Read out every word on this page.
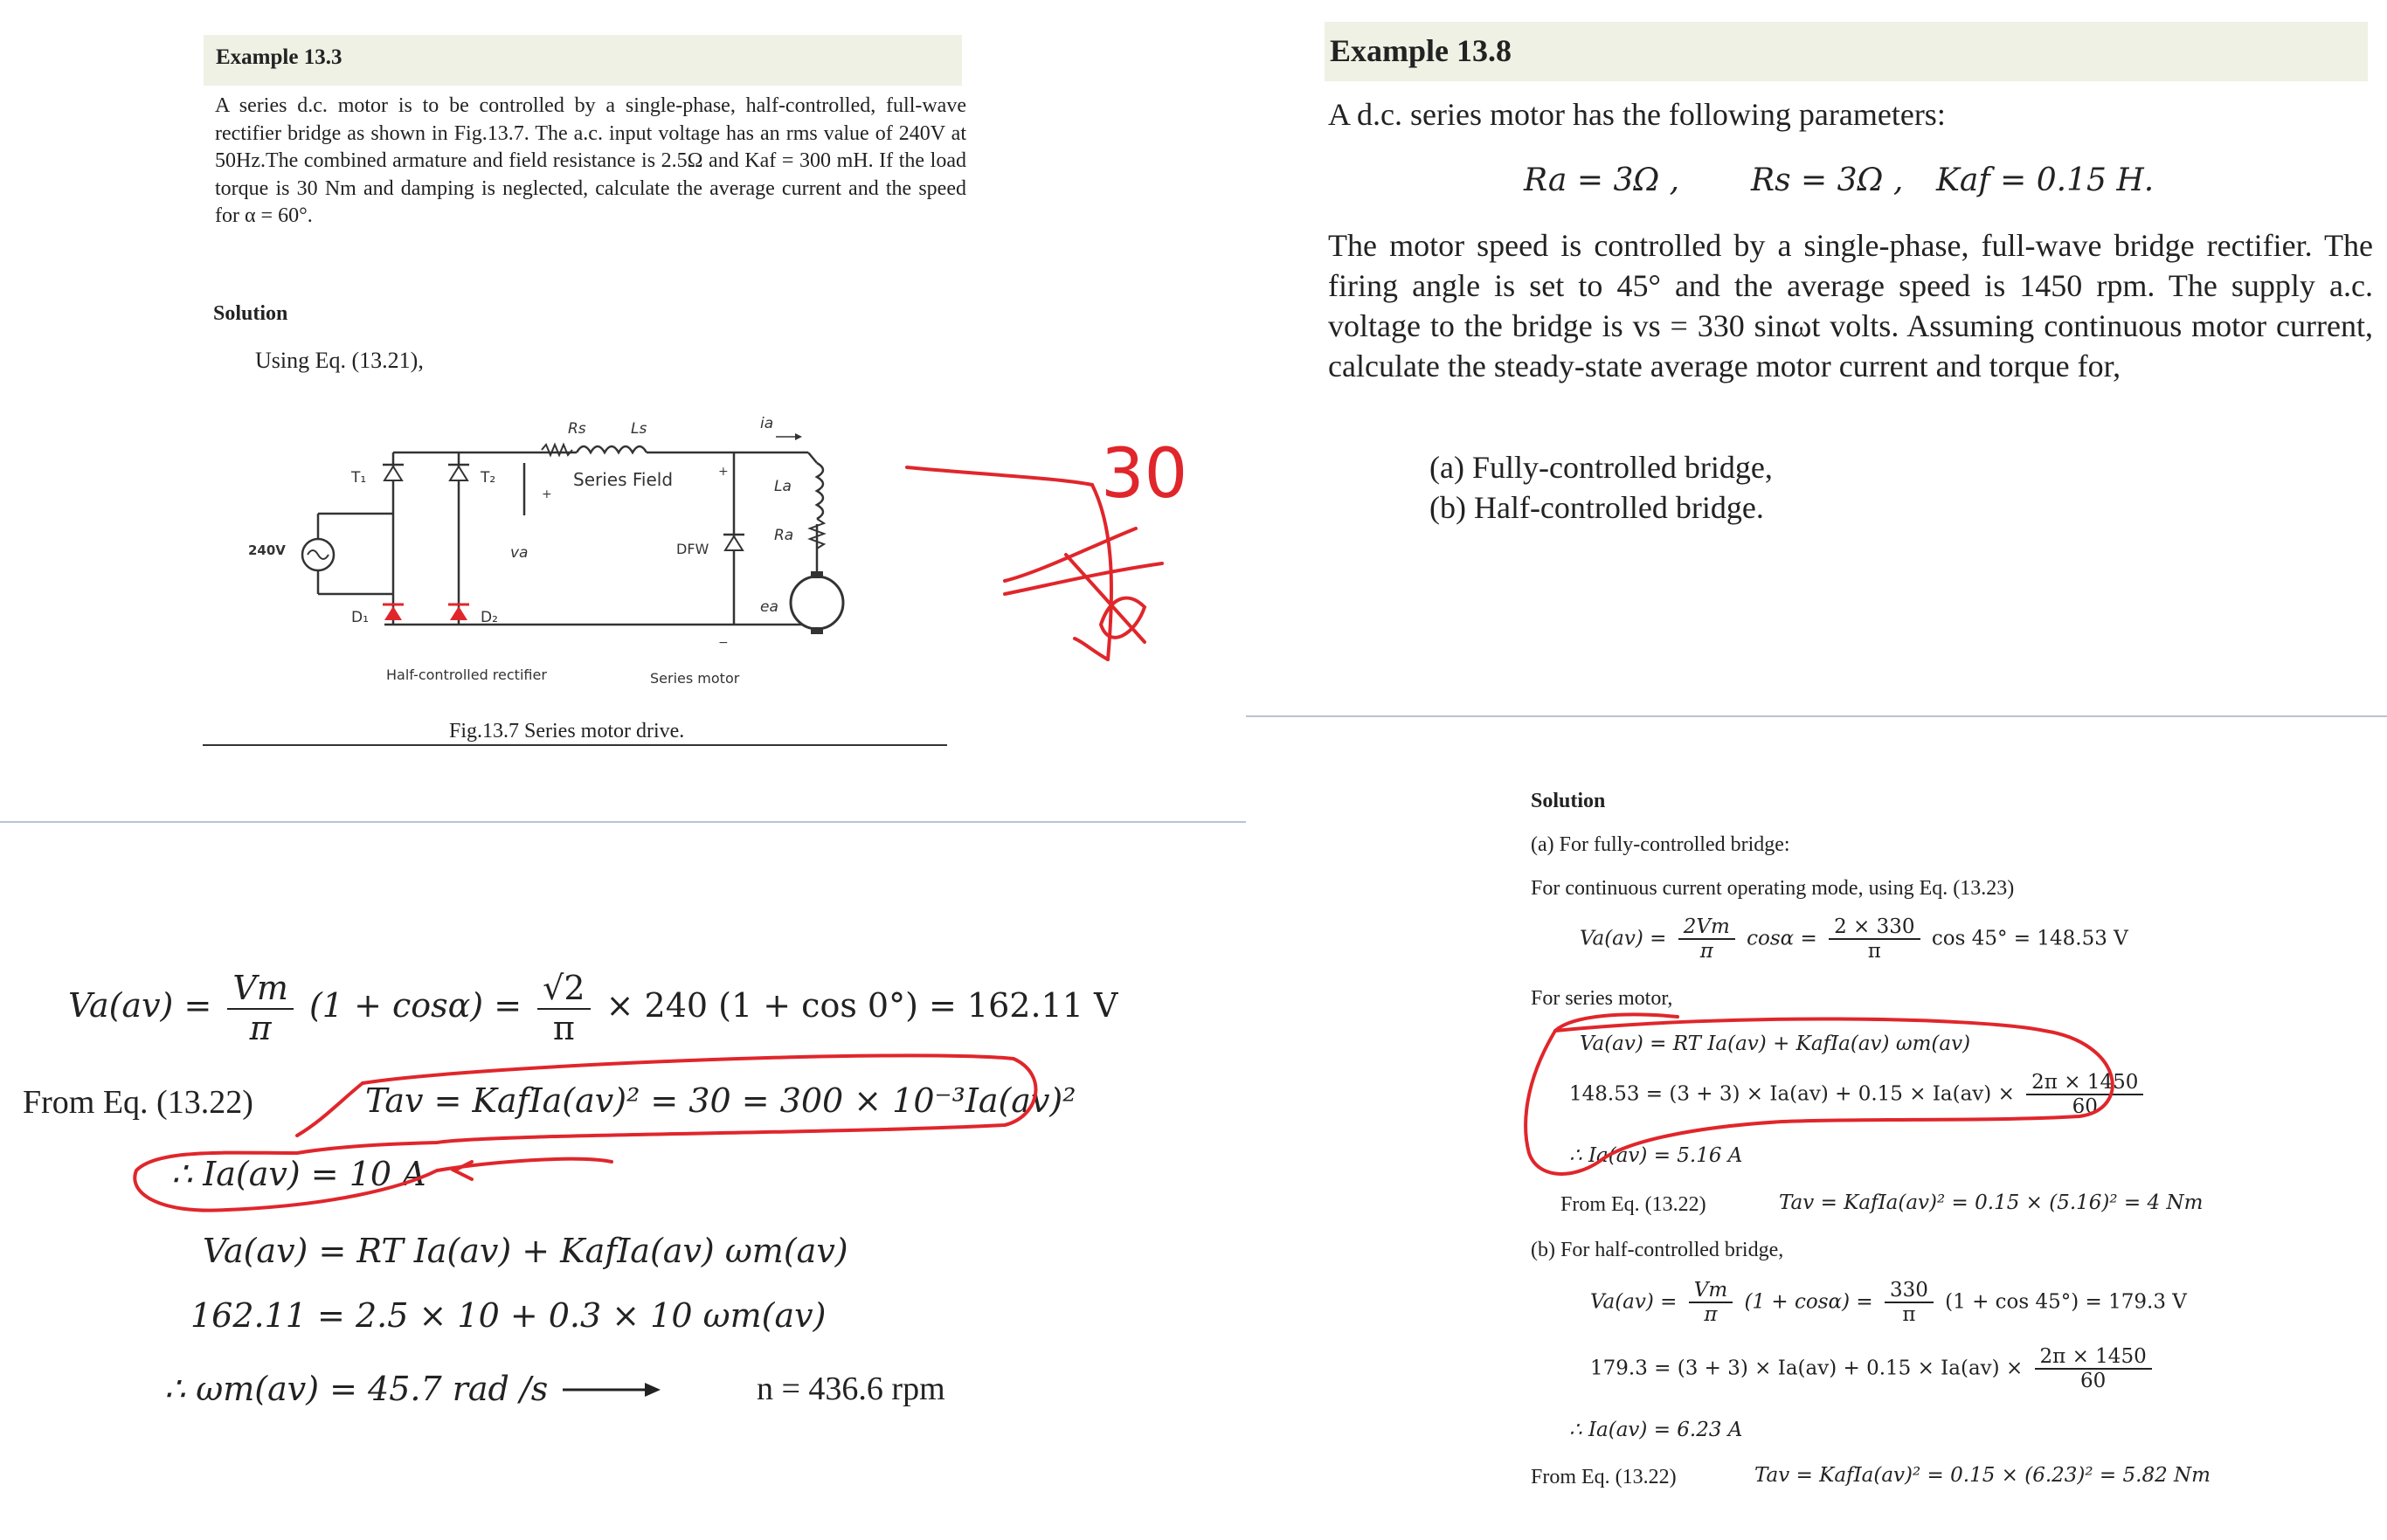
Example 13.3
A series d.c. motor is to be controlled by a single-phase, half-controlled, full-wave rectifier bridge as shown in Fig.13.7. The a.c. input voltage has an rms value of 240V at 50Hz.The combined armature and field resistance is 2.5Ω and Kaf = 300 mH. If the load torque is 30 Nm and damping is neglected, calculate the average current and the speed for α = 60°.
Solution
Using Eq. (13.21),
240V
T₁	T₂
D₁	D₂
Rs	Ls
Series Field
ia
La
Ra
va
ea
DFW
Half-controlled rectifier	Series motor
+
+
−
Fig.13.7 Series motor drive.
30
$Va(av) = \frac{Vm}{\pi} (1 + \cos\alpha) = \frac{√2}{\pi} \times 240$ (1 + cos 0°) = 162.11 V
From Eq. (13.22)	Tav = KafIa(av)² = 30 = 300 × 10⁻³Ia(av)²
∴ Ia(av) = 10 A
Va(av) = RT Ia(av) + KafIa(av) ωm(av)
162.11 = 2.5 × 10 + 0.3 × 10 ωm(av)
∴ ωm(av) = 45.7 rad /s	n = 436.6 rpm
Example 13.8
A d.c. series motor has the following parameters:
Ra = 3Ω , Rs = 3Ω , Kaf = 0.15 H.
The motor speed is controlled by a single-phase, full-wave bridge rectifier. The firing angle is set to 45° and the average speed is 1450 rpm. The supply a.c. voltage to the bridge is vs = 330 sinωt volts. Assuming continuous motor current, calculate the steady-state average motor current and torque for,
(a) Fully-controlled bridge,
(b) Half-controlled bridge.
Solution
(a) For fully-controlled bridge:
For continuous current operating mode, using Eq. (13.23)
$Va(av) = \frac{2Vm}{\pi}$ $\cos\alpha = \frac{2 \times 330}{\pi}$ cos 45° = 148.53 V
For series motor,
Va(av) = RT Ia(av) + KafIa(av) ωm(av)
$148.53 = (3 + 3) \times Ia(av) + 0.15 \times Ia(av) \times \frac{2\pi \times 1450}{60}$
∴ Ia(av) = 5.16 A
From Eq. (13.22)	Tav = KafIa(av)² = 0.15 × (5.16)² = 4 Nm
(b) For half-controlled bridge,
$Va(av) = \frac{Vm}{\pi} (1 + \cos\alpha) = \frac{330}{\pi} (1 + \cos 45^\circ) = 179.3$ V
$179.3 = (3 + 3) \times Ia(av) + 0.15 \times Ia(av) \times \frac{2\pi \times 1450}{60}$
∴ Ia(av) = 6.23 A
From Eq. (13.22)	Tav = KafIa(av)² = 0.15 × (6.23)² = 5.82 Nm
